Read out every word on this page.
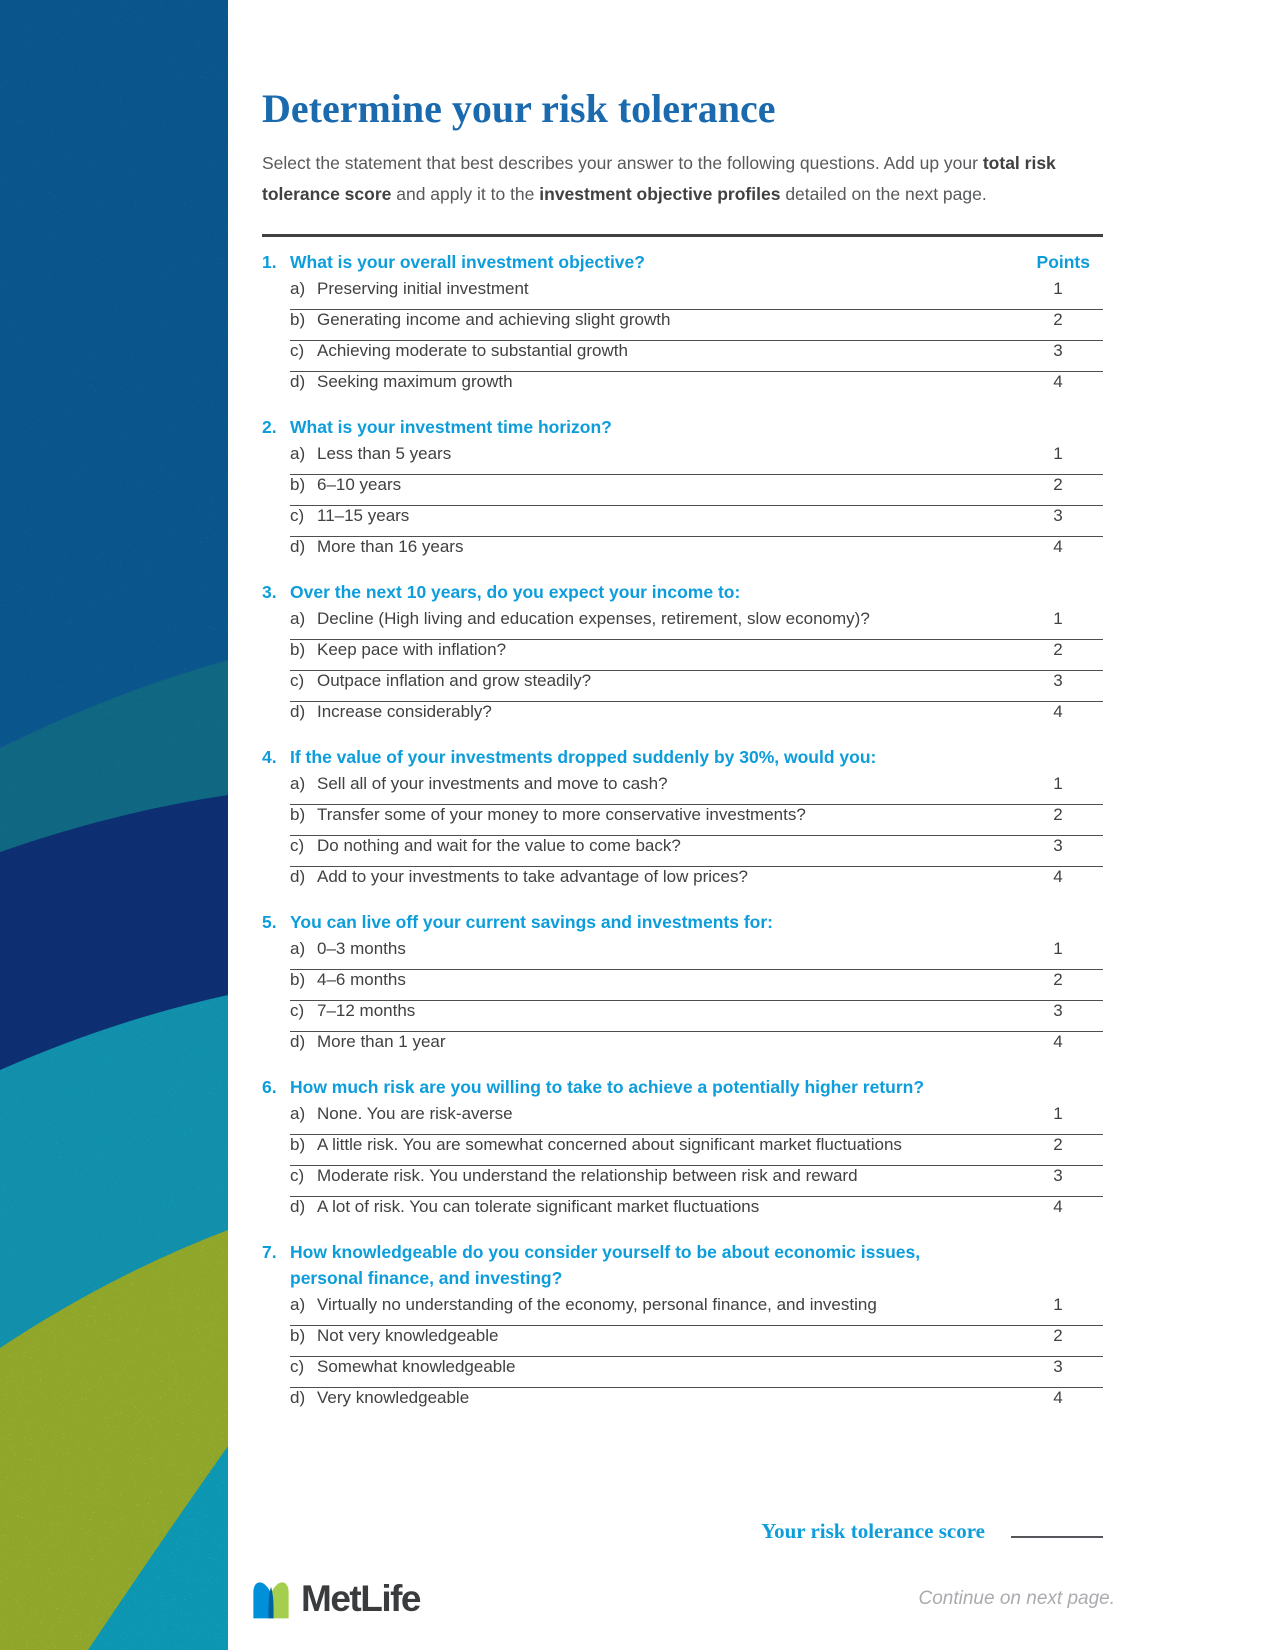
Determine your risk tolerance

Select the statement that best describes your answer to the following questions. Add up your total risk tolerance score and apply it to the investment objective profiles detailed on the next page.

1. What is your overall investment objective?	Points
a) Preserving initial investment	1
b) Generating income and achieving slight growth	2
c) Achieving moderate to substantial growth	3
d) Seeking maximum growth	4
2. What is your investment time horizon?
a) Less than 5 years	1
b) 6–10 years	2
c) 11–15 years	3
d) More than 16 years	4
3. Over the next 10 years, do you expect your income to:
a) Decline (High living and education expenses, retirement, slow economy)?	1
b) Keep pace with inflation?	2
c) Outpace inflation and grow steadily?	3
d) Increase considerably?	4
4. If the value of your investments dropped suddenly by 30%, would you:
a) Sell all of your investments and move to cash?	1
b) Transfer some of your money to more conservative investments?	2
c) Do nothing and wait for the value to come back?	3
d) Add to your investments to take advantage of low prices?	4
5. You can live off your current savings and investments for:
a) 0–3 months	1
b) 4–6 months	2
c) 7–12 months	3
d) More than 1 year	4
6. How much risk are you willing to take to achieve a potentially higher return?
a) None. You are risk-averse	1
b) A little risk. You are somewhat concerned about significant market fluctuations	2
c) Moderate risk. You understand the relationship between risk and reward	3
d) A lot of risk. You can tolerate significant market fluctuations	4
7. How knowledgeable do you consider yourself to be about economic issues,
personal finance, and investing?
a) Virtually no understanding of the economy, personal finance, and investing	1
b) Not very knowledgeable	2
c) Somewhat knowledgeable	3
d) Very knowledgeable	4
Your risk tolerance score
MetLife	Continue on next page.
